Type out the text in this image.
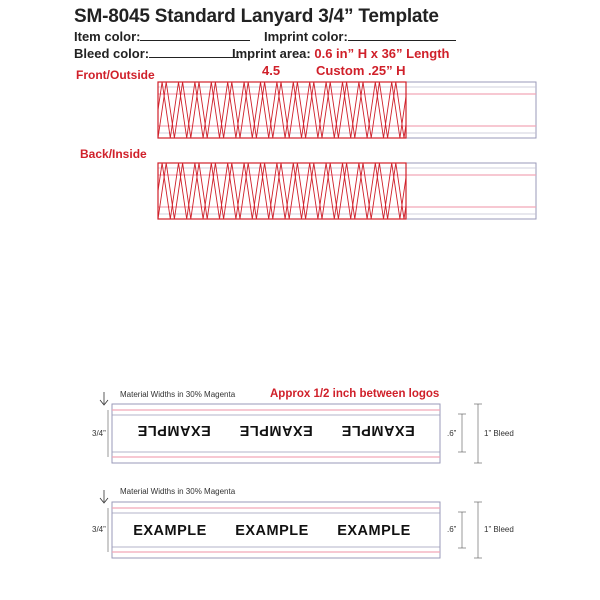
SM-8045 Standard Lanyard 3/4” Template
Item color:	Imprint color:
Bleed color:	Imprint area: 0.6 in” H x 36” Length
4.5	Custom .25” H
Front/Outside
Back/Inside
EXAMPLE
EXAMPLE
EXAMPLE
EXAMPLE EXAMPLE EXAMPLE
Material Widths in 30% Magenta
Material Widths in 30% Magenta
Approx 1/2 inch between logos
3/4”
3/4”
.6”
.6”
1” Bleed
1” Bleed
